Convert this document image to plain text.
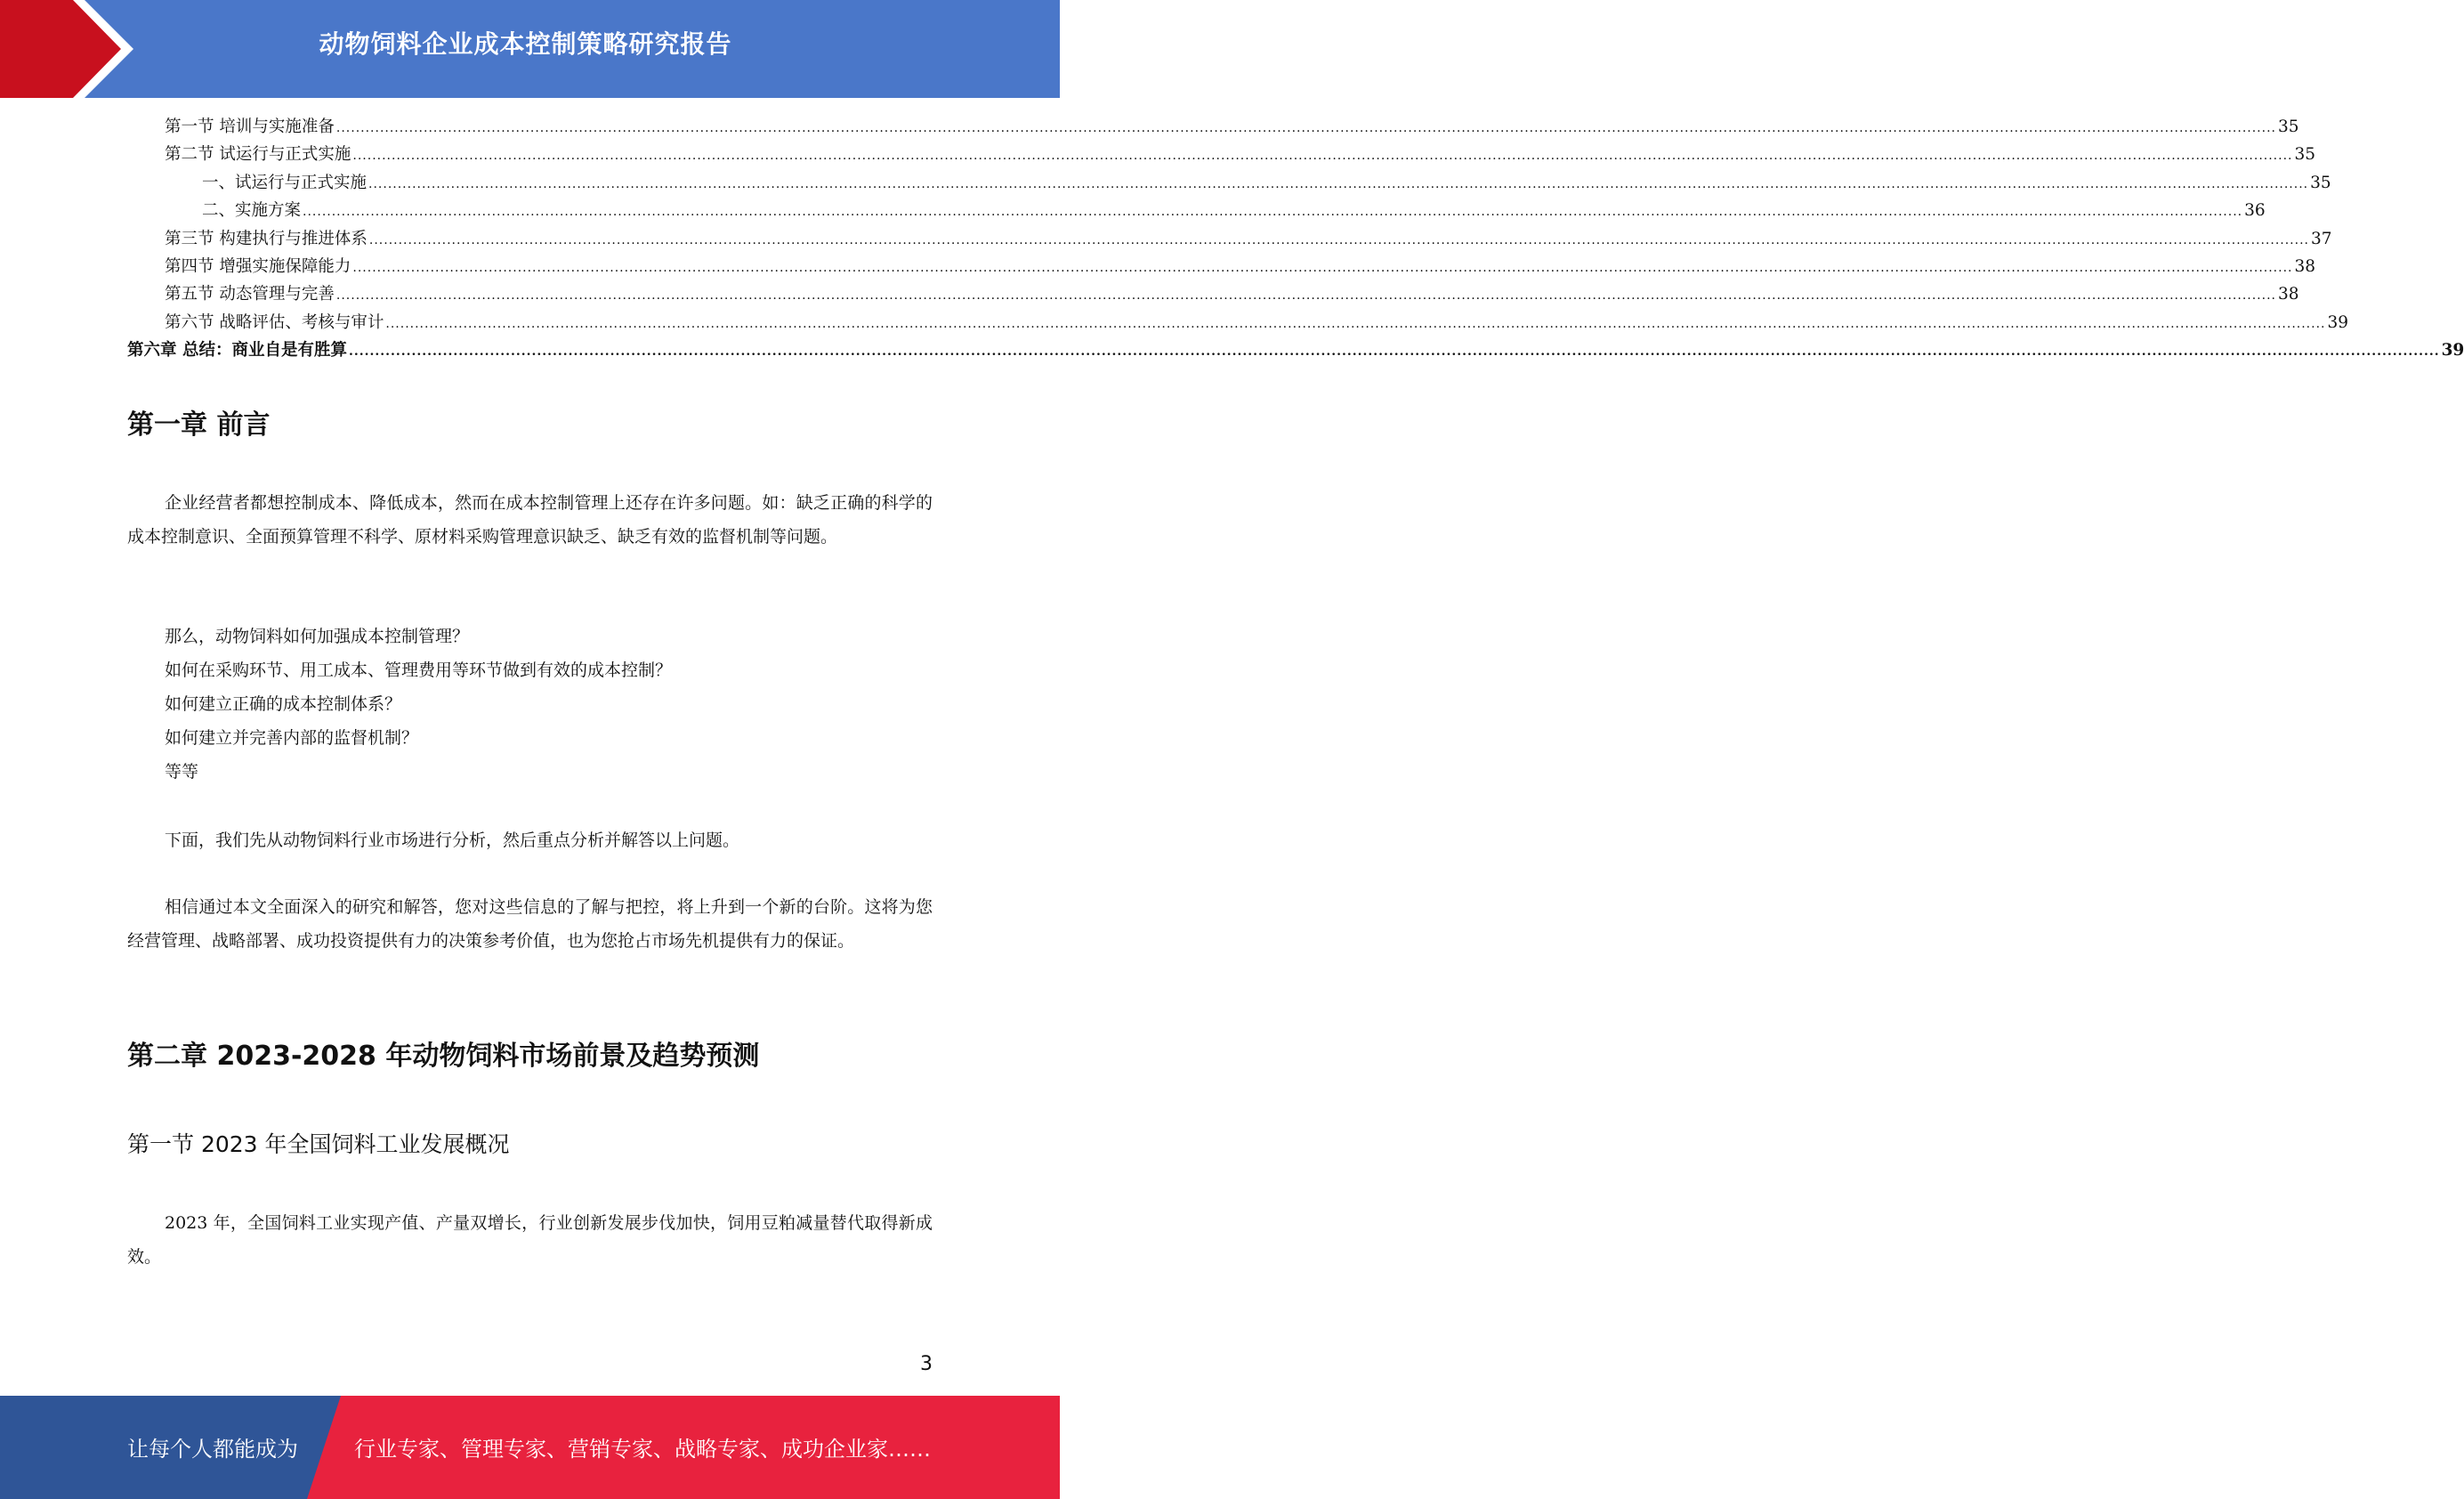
动物饲料企业成本控制策略研究报告
第一节 培训与实施准备 ................................................................................................................................................................................................................................................................................................................................................................................................................ 35
第二节 试运行与正式实施 ................................................................................................................................................................................................................................................................................................................................................................................................................ 35
一、试运行与正式实施 ................................................................................................................................................................................................................................................................................................................................................................................................................ 35
二、实施方案 ................................................................................................................................................................................................................................................................................................................................................................................................................ 36
第三节 构建执行与推进体系 ................................................................................................................................................................................................................................................................................................................................................................................................................ 37
第四节 增强实施保障能力 ................................................................................................................................................................................................................................................................................................................................................................................................................ 38
第五节 动态管理与完善 ................................................................................................................................................................................................................................................................................................................................................................................................................ 38
第六节 战略评估、考核与审计 ................................................................................................................................................................................................................................................................................................................................................................................................................ 39
第六章 总结：商业自是有胜算 ................................................................................................................................................................................................................................................................................................................................................................................................................ 39
第一章 前言

企业经营者都想控制成本、降低成本，然而在成本控制管理上还存在许多问题。如：缺乏正确的科学的成本控制意识、全面预算管理不科学、原材料采购管理意识缺乏、缺乏有效的监督机制等问题。

那么，动物饲料如何加强成本控制管理？
如何在采购环节、用工成本、管理费用等环节做到有效的成本控制？
如何建立正确的成本控制体系？
如何建立并完善内部的监督机制？
等等

下面，我们先从动物饲料行业市场进行分析，然后重点分析并解答以上问题。

相信通过本文全面深入的研究和解答，您对这些信息的了解与把控，将上升到一个新的台阶。这将为您经营管理、战略部署、成功投资提供有力的决策参考价值，也为您抢占市场先机提供有力的保证。

第二章 2023-2028 年动物饲料市场前景及趋势预测
第一节 2023 年全国饲料工业发展概况

2023 年，全国饲料工业实现产值、产量双增长，行业创新发展步伐加快，饲用豆粕减量替代取得新成效。

3
让每个人都能成为	行业专家、管理专家、营销专家、战略专家、成功企业家……
